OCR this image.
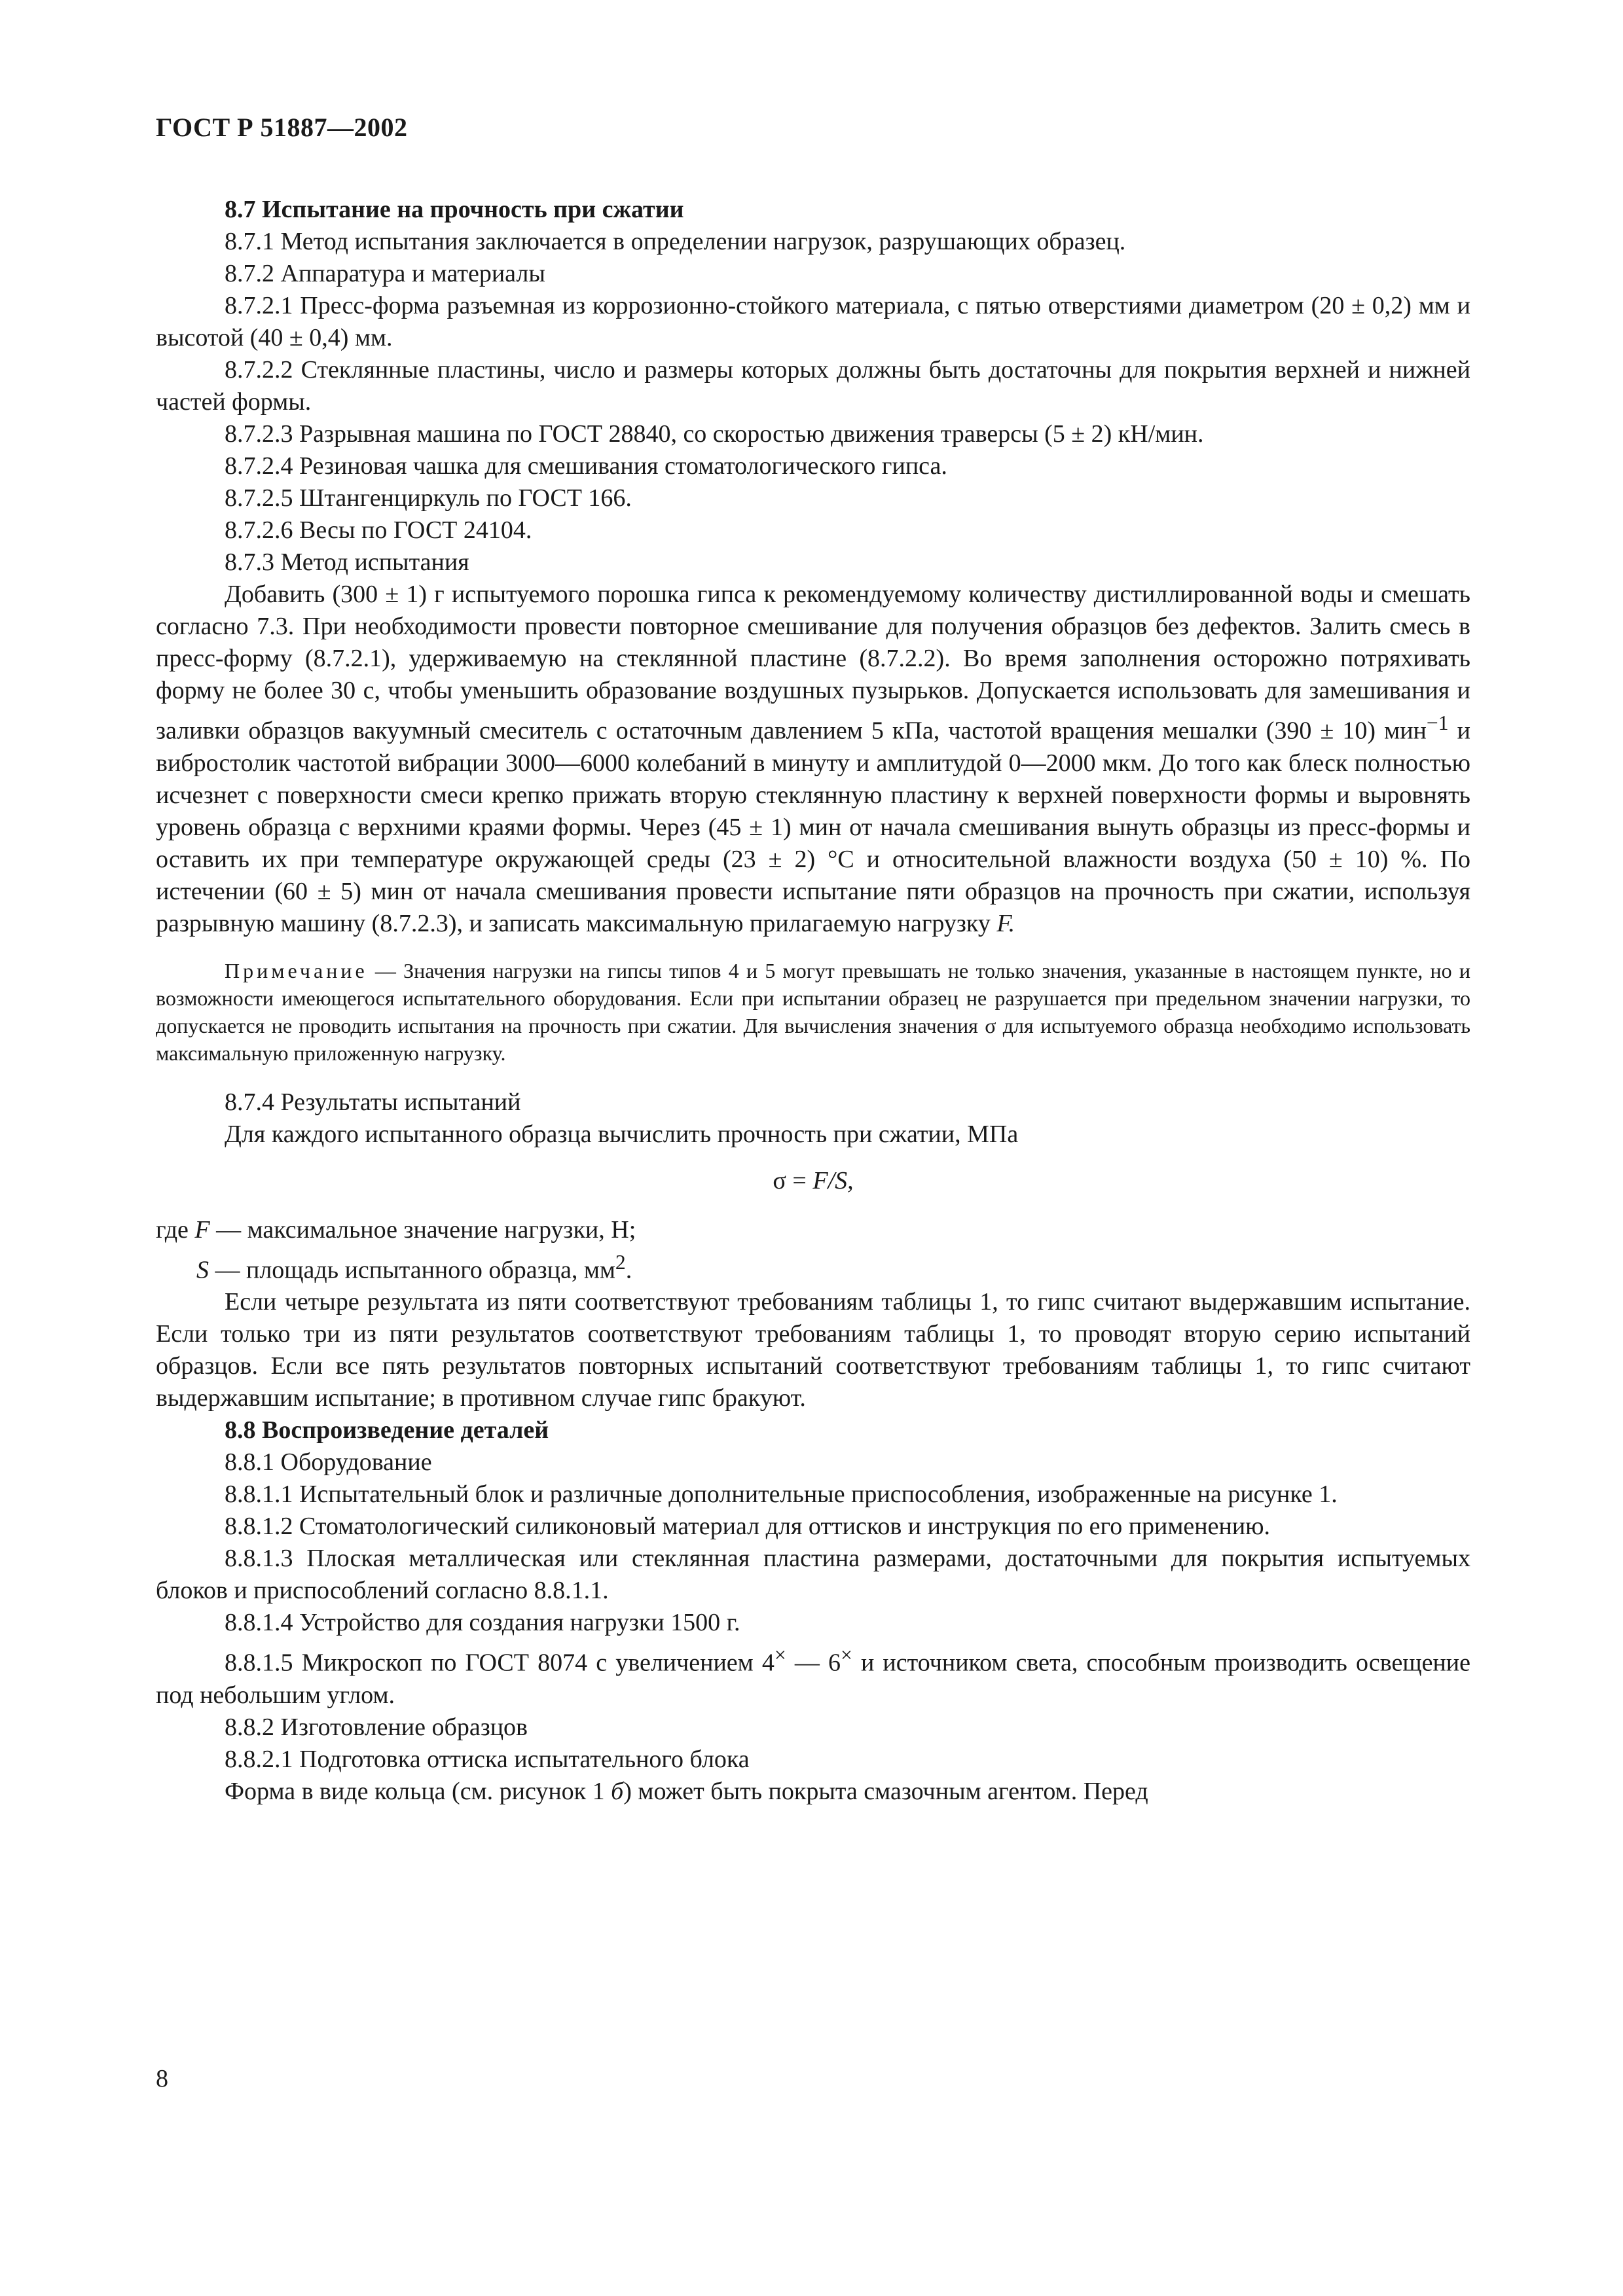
ГОСТ Р 51887—2002

8.7 Испытание на прочность при сжатии

8.7.1 Метод испытания заключается в определении нагрузок, разрушающих образец.

8.7.2 Аппаратура и материалы

8.7.2.1 Пресс-форма разъемная из коррозионно-стойкого материала, с пятью отверстиями диаметром (20 ± 0,2) мм и высотой (40 ± 0,4) мм.

8.7.2.2 Стеклянные пластины, число и размеры которых должны быть достаточны для покрытия верхней и нижней частей формы.

8.7.2.3 Разрывная машина по ГОСТ 28840, со скоростью движения траверсы (5 ± 2) кН/мин.

8.7.2.4 Резиновая чашка для смешивания стоматологического гипса.

8.7.2.5 Штангенциркуль по ГОСТ 166.

8.7.2.6 Весы по ГОСТ 24104.

8.7.3 Метод испытания

Добавить (300 ± 1) г испытуемого порошка гипса к рекомендуемому количеству дистиллированной воды и смешать согласно 7.3. При необходимости провести повторное смешивание для получения образцов без дефектов. Залить смесь в пресс-форму (8.7.2.1), удерживаемую на стеклянной пластине (8.7.2.2). Во время заполнения осторожно потряхивать форму не более 30 с, чтобы уменьшить образование воздушных пузырьков. Допускается использовать для замешивания и заливки образцов вакуумный смеситель с остаточным давлением 5 кПа, частотой вращения мешалки (390 ± 10) мин$^{-1}$ и вибростолик частотой вибрации 3000—6000 колебаний в минуту и амплитудой 0—2000 мкм. До того как блеск полностью исчезнет с поверхности смеси крепко прижать вторую стеклянную пластину к верхней поверхности формы и выровнять уровень образца с верхними краями формы. Через (45 ± 1) мин от начала смешивания вынуть образцы из пресс-формы и оставить их при температуре окружающей среды (23 ± 2) °С и относительной влажности воздуха (50 ± 10) %. По истечении (60 ± 5) мин от начала смешивания провести испытание пяти образцов на прочность при сжатии, используя разрывную машину (8.7.2.3), и записать максимальную прилагаемую нагрузку F.

Примечание — Значения нагрузки на гипсы типов 4 и 5 могут превышать не только значения, указанные в настоящем пункте, но и возможности имеющегося испытательного оборудования. Если при испытании образец не разрушается при предельном значении нагрузки, то допускается не проводить испытания на прочность при сжатии. Для вычисления значения σ для испытуемого образца необходимо использовать максимальную приложенную нагрузку.

8.7.4 Результаты испытаний

Для каждого испытанного образца вычислить прочность при сжатии, МПа

σ = F/S,

где F — максимальное значение нагрузки, Н;

S — площадь испытанного образца, $мм^2$.

Если четыре результата из пяти соответствуют требованиям таблицы 1, то гипс считают выдержавшим испытание. Если только три из пяти результатов соответствуют требованиям таблицы 1, то проводят вторую серию испытаний образцов. Если все пять результатов повторных испытаний соответствуют требованиям таблицы 1, то гипс считают выдержавшим испытание; в противном случае гипс бракуют.

8.8 Воспроизведение деталей

8.8.1 Оборудование

8.8.1.1 Испытательный блок и различные дополнительные приспособления, изображенные на рисунке 1.

8.8.1.2 Стоматологический силиконовый материал для оттисков и инструкция по его применению.

8.8.1.3 Плоская металлическая или стеклянная пластина размерами, достаточными для покрытия испытуемых блоков и приспособлений согласно 8.8.1.1.

8.8.1.4 Устройство для создания нагрузки 1500 г.

8.8.1.5 Микроскоп по ГОСТ 8074 с увеличением 4× — 6× и источником света, способным производить освещение под небольшим углом.

8.8.2 Изготовление образцов

8.8.2.1 Подготовка оттиска испытательного блока

Форма в виде кольца (см. рисунок 1 б) может быть покрыта смазочным агентом. Перед

8
